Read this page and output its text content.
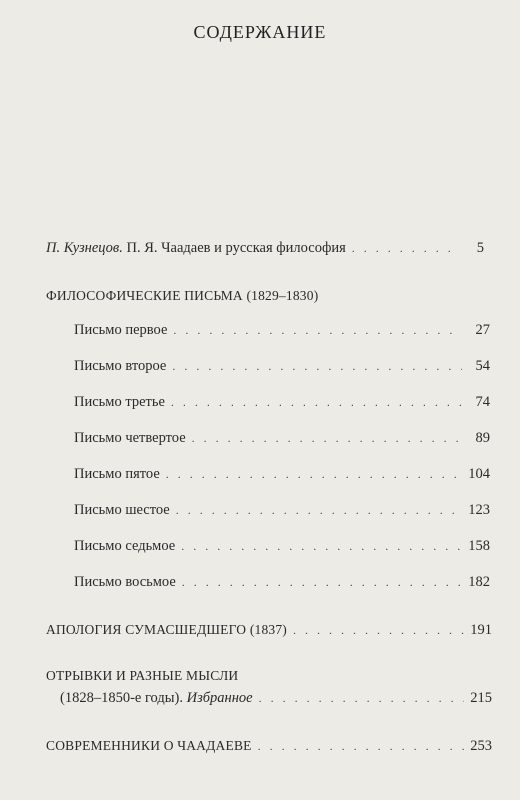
СОДЕРЖАНИЕ
П. Кузнецов. П. Я. Чаадаев и русская философия . . .	5
ФИЛОСОФИЧЕСКИЕ ПИСЬМА (1829–1830)
Письмо первое . . .	27
Письмо второе . . .	54
Письмо третье . . .	74
Письмо четвертое . . .	89
Письмо пятое . . .	104
Письмо шестое . . .	123
Письмо седьмое . . .	158
Письмо восьмое . . .	182
АПОЛОГИЯ СУМАСШЕДШЕГО (1837) . . .	191
ОТРЫВКИ И РАЗНЫЕ МЫСЛИ
(1828–1850-е годы). Избранное . . .	215
СОВРЕМЕННИКИ О ЧААДАЕВЕ . . .	253
